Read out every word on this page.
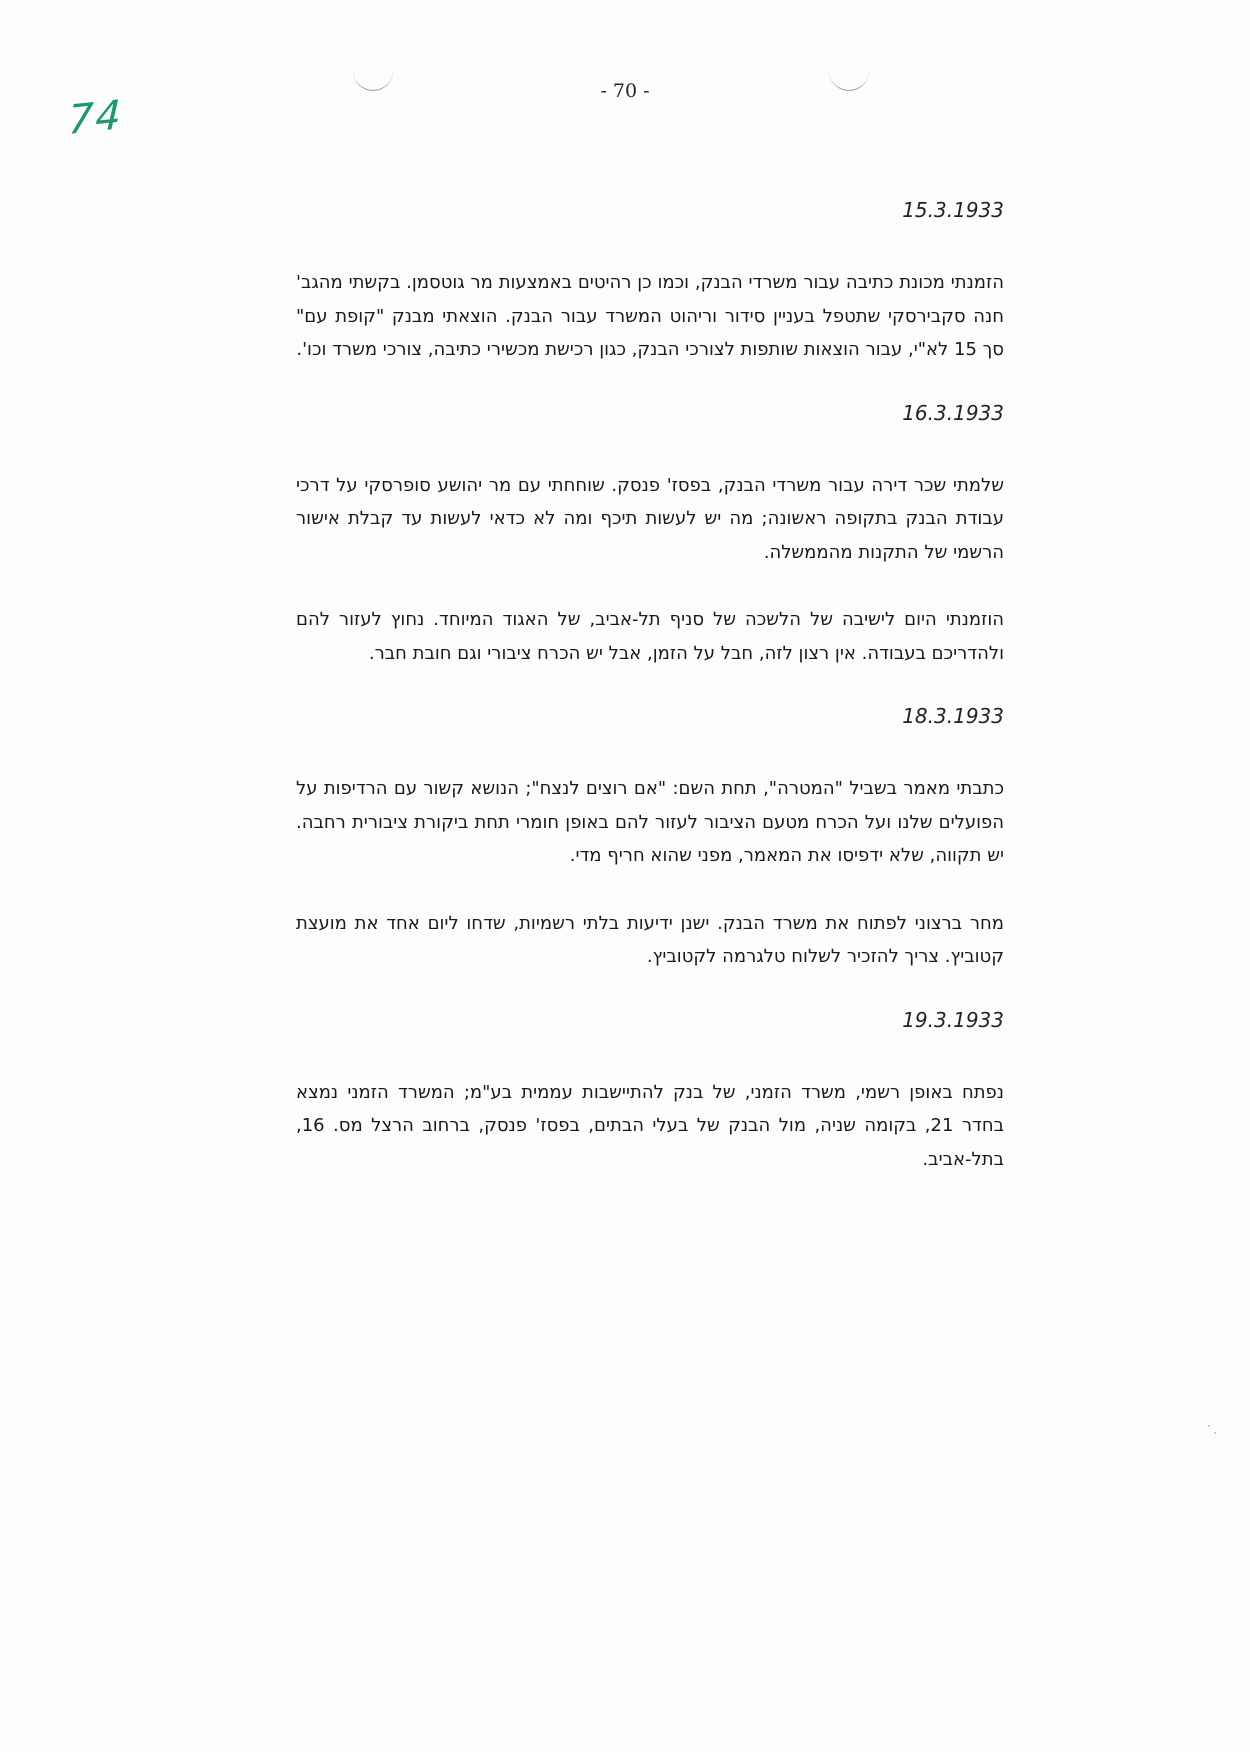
74
- 70 -
15.3.1933

הזמנתי מכונת כתיבה עבור משרדי הבנק, וכמו כן רהיטים באמצעות מר גוטסמן. בקשתי מהגב' חנה סקבירסקי שתטפל בעניין סידור וריהוט המשרד עבור הבנק. הוצאתי מבנק "קופת עם" סך 15 לא"י, עבור הוצאות שותפות לצורכי הבנק, כגון רכישת מכשירי כתיבה, צורכי משרד וכו'.

16.3.1933

שלמתי שכר דירה עבור משרדי הבנק, בפסז' פנסק. שוחחתי עם מר יהושע סופרסקי על דרכי עבודת הבנק בתקופה ראשונה; מה יש לעשות תיכף ומה לא כדאי לעשות עד קבלת אישור הרשמי של התקנות מהממשלה.

הוזמנתי היום לישיבה של הלשכה של סניף תל-אביב, של האגוד המיוחד. נחוץ לעזור להם ולהדריכם בעבודה. אין רצון לזה, חבל על הזמן, אבל יש הכרח ציבורי וגם חובת חבר.

18.3.1933

כתבתי מאמר בשביל "המטרה", תחת השם: "אם רוצים לנצח"; הנושא קשור עם הרדיפות על הפועלים שלנו ועל הכרח מטעם הציבור לעזור להם באופן חומרי תחת ביקורת ציבורית רחבה. יש תקווה, שלא ידפיסו את המאמר, מפני שהוא חריף מדי.

מחר ברצוני לפתוח את משרד הבנק. ישנן ידיעות בלתי רשמיות, שדחו ליום אחד את מועצת קטוביץ. צריך להזכיר לשלוח טלגרמה לקטוביץ.

19.3.1933

נפתח באופן רשמי, משרד הזמני, של בנק להתיישבות עממית בע"מ; המשרד הזמני נמצא בחדר 21, בקומה שניה, מול הבנק של בעלי הבתים, בפסז' פנסק, ברחוב הרצל מס. 16, בתל-אביב.
